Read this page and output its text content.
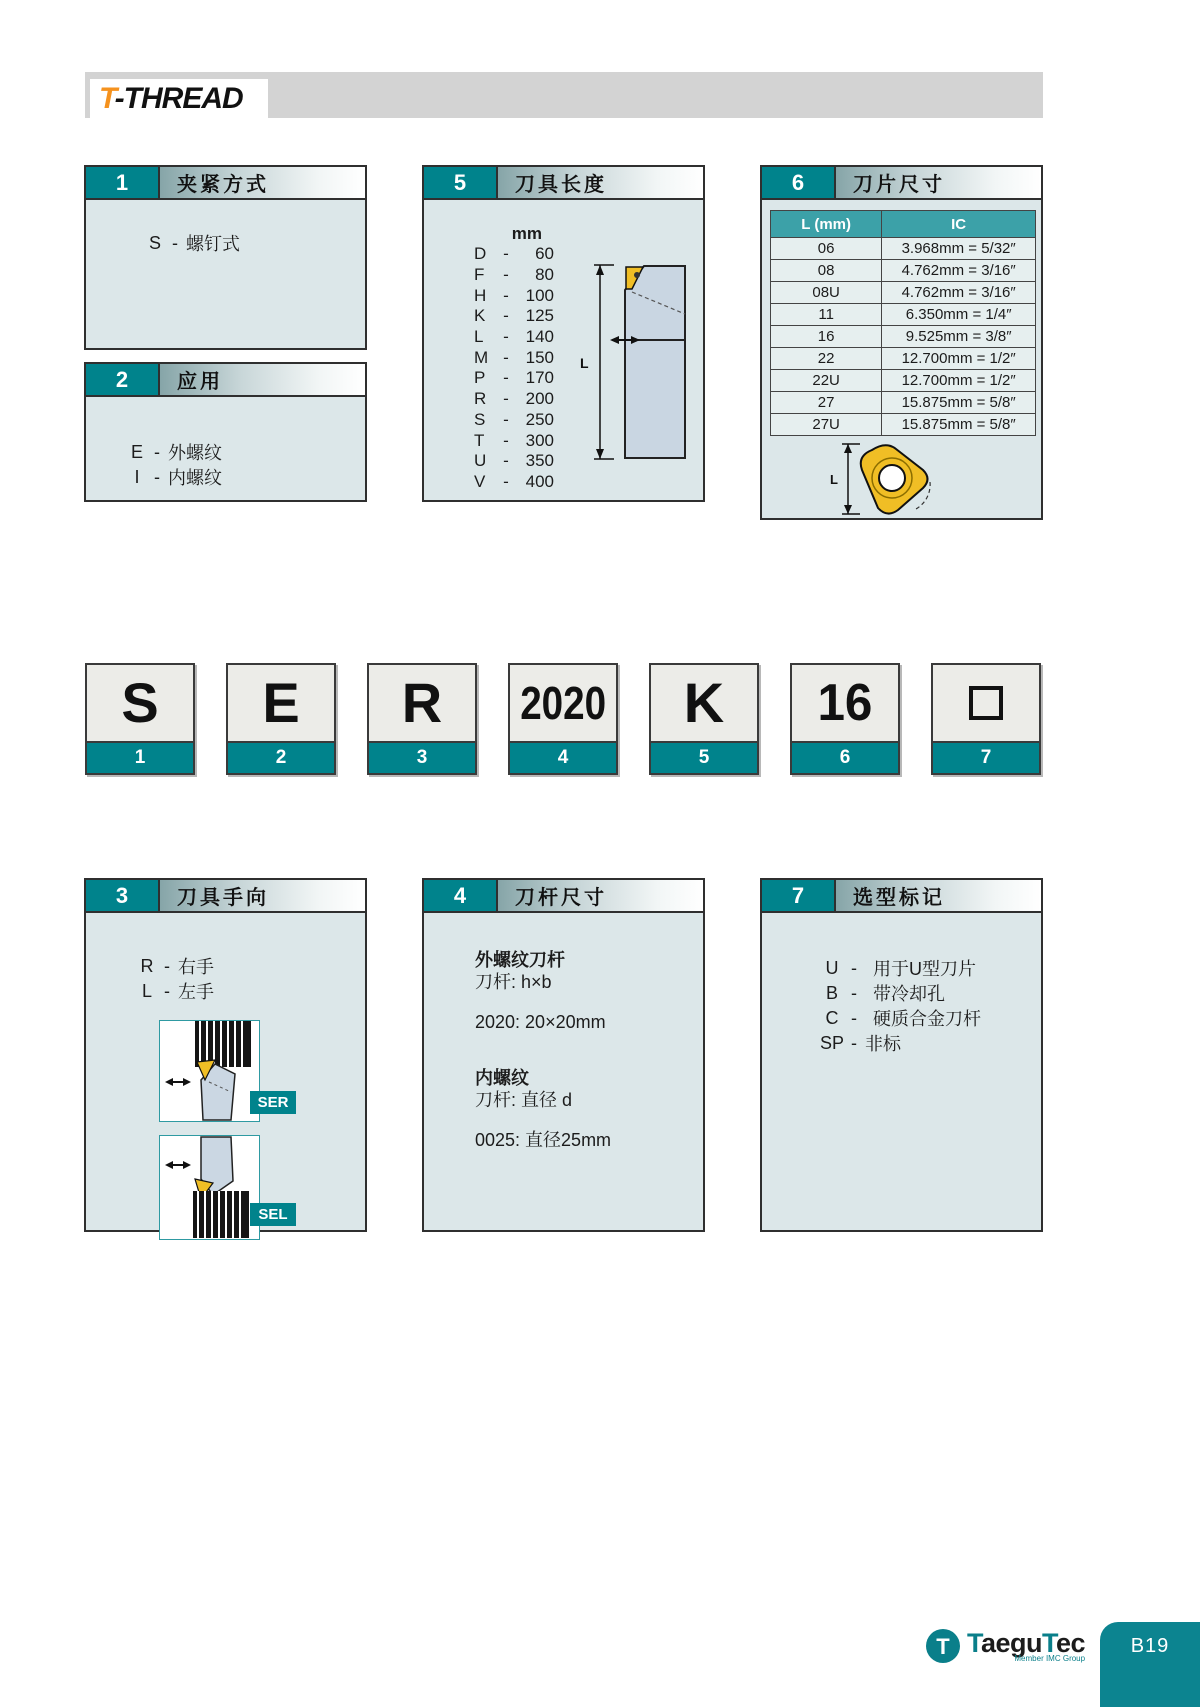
T-THREAD
1	夹紧方式
S - 螺钉式
2	应用
E - 外螺纹
I - 内螺纹
5	刀具长度
mm
D -	60
F	-	80
H - 100
K	- 125
L	- 140
M - 150
P	- 170
R - 200
S	- 250
T	- 300
U - 350
V	- 400
L
6	刀片尺寸
L (mm)	IC
06	3.968mm = 5/32″
08	4.762mm = 3/16″
08U	4.762mm = 3/16″
11	6.350mm = 1/4″
16	9.525mm = 3/8″
22	12.700mm = 1/2″
22U	12.700mm = 1/2″
27	15.875mm = 5/8″
27U	15.875mm = 5/8″
L
S E R 2020 K 16
1	2	3	4	5	6	7
3	刀具手向
R - 右手
L - 左手
SER
SEL
4	刀杆尺寸
外螺纹刀杆
刀杆: h×b
2020: 20×20mm
内螺纹
刀杆: 直径 d
0025: 直径25mm
7	选型标记
U - 用于U型刀片
B - 带冷却孔
C - 硬质合金刀杆
SP - 非标
T TaeguTec
Member IMC Group
B19
